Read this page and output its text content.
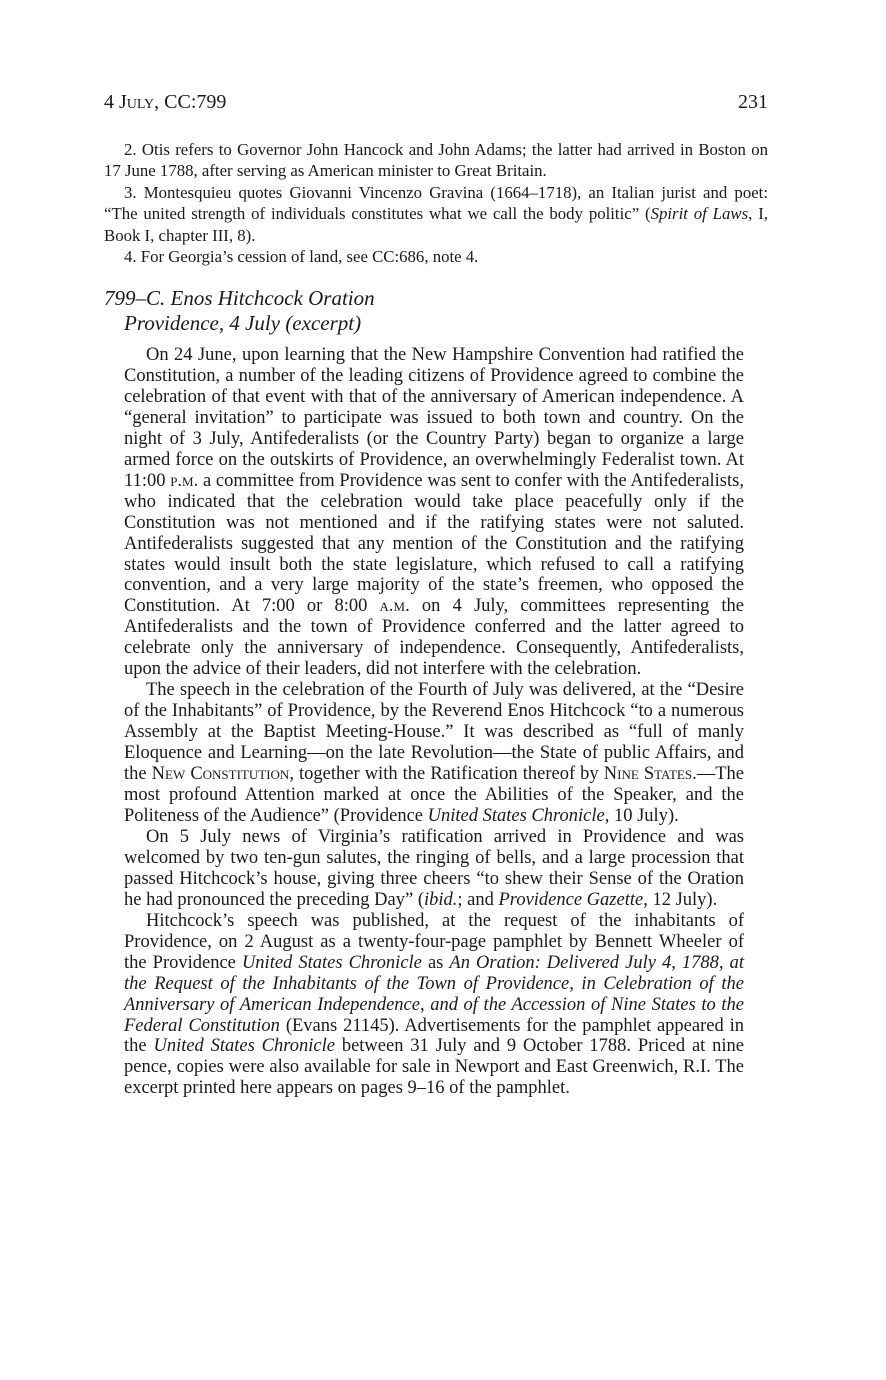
4 July, CC:799	231

2. Otis refers to Governor John Hancock and John Adams; the latter had arrived in Boston on 17 June 1788, after serving as American minister to Great Britain.

3. Montesquieu quotes Giovanni Vincenzo Gravina (1664–1718), an Italian jurist and poet: “The united strength of individuals constitutes what we call the body politic” (Spirit of Laws, I, Book I, chapter III, 8).

4. For Georgia’s cession of land, see CC:686, note 4.

799–C. Enos Hitchcock Oration
Providence, 4 July (excerpt)

On 24 June, upon learning that the New Hampshire Convention had ratified the Constitution, a number of the leading citizens of Providence agreed to combine the celebration of that event with that of the anniversary of American independence. A “general invitation” to participate was issued to both town and country. On the night of 3 July, Antifederalists (or the Country Party) began to organize a large armed force on the outskirts of Providence, an overwhelmingly Federalist town. At 11:00 p.m. a committee from Providence was sent to confer with the Antifederalists, who indicated that the celebration would take place peacefully only if the Constitution was not mentioned and if the ratifying states were not saluted. Antifederalists suggested that any mention of the Constitution and the ratifying states would insult both the state legislature, which refused to call a ratifying convention, and a very large majority of the state’s freemen, who opposed the Constitution. At 7:00 or 8:00 a.m. on 4 July, committees representing the Antifederalists and the town of Providence conferred and the latter agreed to celebrate only the anniversary of independence. Consequently, Antifederalists, upon the advice of their leaders, did not interfere with the celebration.

The speech in the celebration of the Fourth of July was delivered, at the “Desire of the Inhabitants” of Providence, by the Reverend Enos Hitchcock “to a numerous Assembly at the Baptist Meeting-House.” It was described as “full of manly Eloquence and Learning—on the late Revolution—the State of public Affairs, and the New Constitution, together with the Ratification thereof by Nine States.—The most profound Attention marked at once the Abilities of the Speaker, and the Politeness of the Audience” (Providence United States Chronicle, 10 July).

On 5 July news of Virginia’s ratification arrived in Providence and was welcomed by two ten-gun salutes, the ringing of bells, and a large procession that passed Hitchcock’s house, giving three cheers “to shew their Sense of the Oration he had pronounced the preceding Day” (ibid.; and Providence Gazette, 12 July).

Hitchcock’s speech was published, at the request of the inhabitants of Providence, on 2 August as a twenty-four-page pamphlet by Bennett Wheeler of the Providence United States Chronicle as An Oration: Delivered July 4, 1788, at the Request of the Inhabitants of the Town of Providence, in Celebration of the Anniversary of American Independence, and of the Accession of Nine States to the Federal Constitution (Evans 21145). Advertisements for the pamphlet appeared in the United States Chronicle between 31 July and 9 October 1788. Priced at nine pence, copies were also available for sale in Newport and East Greenwich, R.I. The excerpt printed here appears on pages 9–16 of the pamphlet.
